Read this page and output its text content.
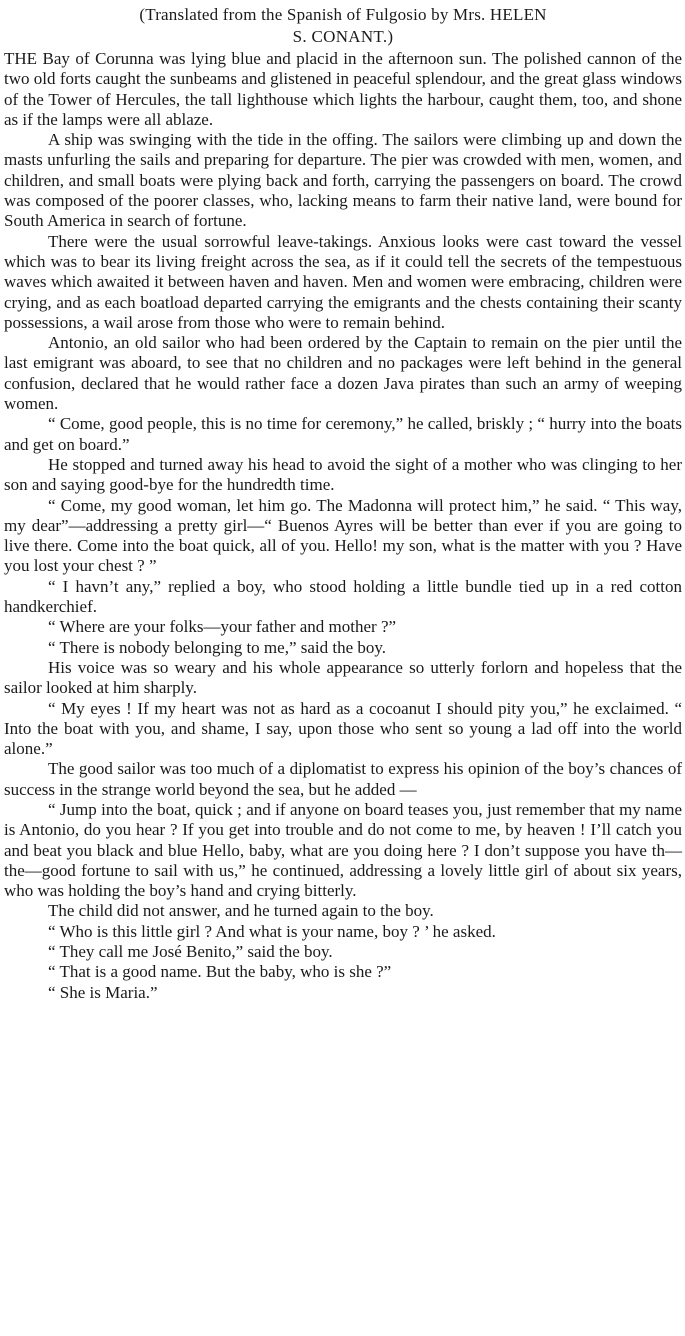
(Translated from the Spanish of Fulgosio by Mrs. HELEN
S. CONANT.)

THE Bay of Corunna was lying blue and placid in the afternoon sun. The polished cannon of the two old forts caught the sunbeams and glistened in peaceful splendour, and the great glass windows of the Tower of Hercules, the tall lighthouse which lights the harbour, caught them, too, and shone as if the lamps were all ablaze.

A ship was swinging with the tide in the offing. The sailors were climbing up and down the masts unfurling the sails and preparing for departure. The pier was crowded with men, women, and children, and small boats were plying back and forth, carrying the passengers on board. The crowd was composed of the poorer classes, who, lacking means to farm their native land, were bound for South America in search of fortune.

There were the usual sorrowful leave-takings. Anxious looks were cast toward the vessel which was to bear its living freight across the sea, as if it could tell the secrets of the tempestuous waves which awaited it between haven and haven. Men and women were embracing, children were crying, and as each boatload departed carrying the emigrants and the chests containing their scanty possessions, a wail arose from those who were to remain behind.

Antonio, an old sailor who had been ordered by the Captain to remain on the pier until the last emigrant was aboard, to see that no children and no packages were left behind in the general confusion, declared that he would rather face a dozen Java pirates than such an army of weeping women.

“ Come, good people, this is no time for ceremony,” he called, briskly ; “ hurry into the boats and get on board.”

He stopped and turned away his head to avoid the sight of a mother who was clinging to her son and saying good-bye for the hundredth time.

“ Come, my good woman, let him go. The Madonna will protect him,” he said. “ This way, my dear”—addressing a pretty girl—“ Buenos Ayres will be better than ever if you are going to live there. Come into the boat quick, all of you. Hello! my son, what is the matter with you ? Have you lost your chest ? ”

“ I havn’t any,” replied a boy, who stood holding a little bundle tied up in a red cotton handkerchief.

“ Where are your folks—your father and mother ?”

“ There is nobody belonging to me,” said the boy.

His voice was so weary and his whole appearance so utterly forlorn and hopeless that the sailor looked at him sharply.

“ My eyes ! If my heart was not as hard as a cocoanut I should pity you,” he exclaimed. “ Into the boat with you, and shame, I say, upon those who sent so young a lad off into the world alone.”

The good sailor was too much of a diplomatist to express his opinion of the boy’s chances of success in the strange world beyond the sea, but he added —

“ Jump into the boat, quick ; and if anyone on board teases you, just remember that my name is Antonio, do you hear ? If you get into trouble and do not come to me, by heaven ! I’ll catch you and beat you black and blue Hello, baby, what are you doing here ? I don’t suppose you have th—the—good fortune to sail with us,” he continued, addressing a lovely little girl of about six years, who was holding the boy’s hand and crying bitterly.

The child did not answer, and he turned again to the boy.

“ Who is this little girl ? And what is your name, boy ? ’ he asked.

“ They call me José Benito,” said the boy.

“ That is a good name. But the baby, who is she ?”

“ She is Maria.”
